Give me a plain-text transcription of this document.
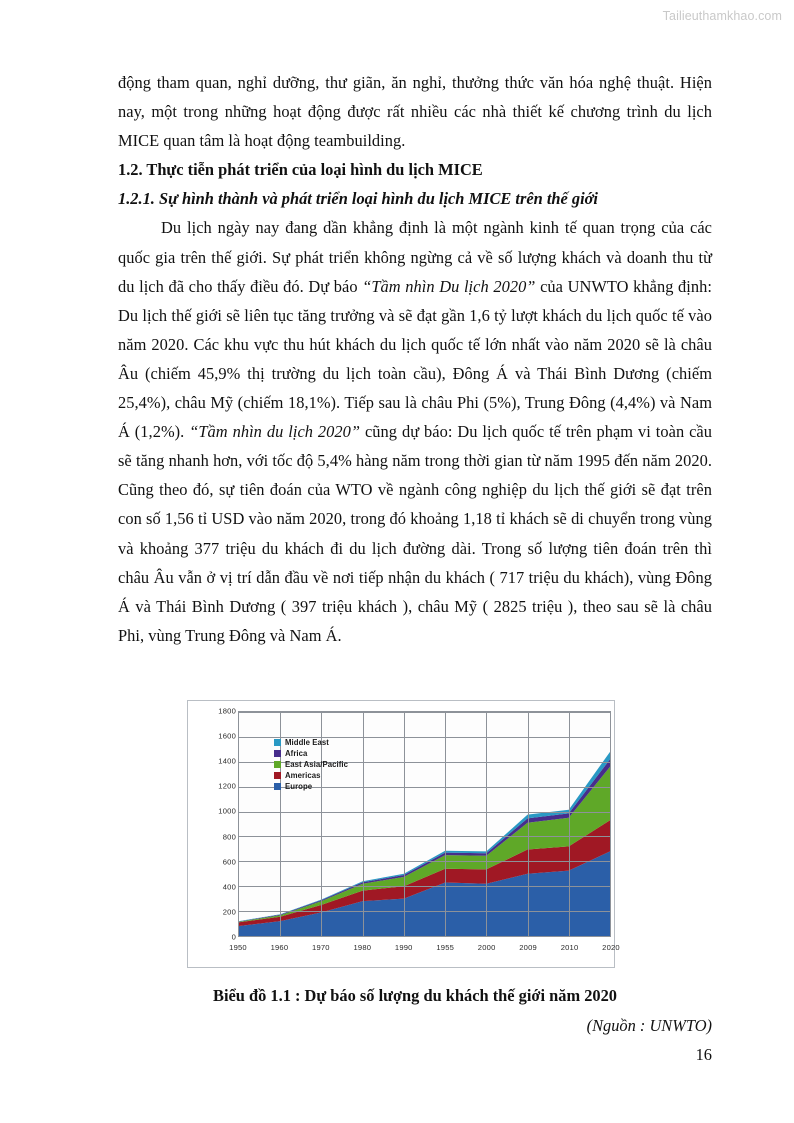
Tailieuthamkhao.com

động tham quan, nghỉ dưỡng, thư giãn, ăn nghỉ, thưởng thức văn hóa nghệ thuật. Hiện nay, một trong những hoạt động được rất nhiều các nhà thiết kế chương trình du lịch MICE quan tâm là hoạt động teambuilding.

1.2. Thực tiễn phát triển của loại hình du lịch MICE

1.2.1. Sự hình thành và phát triển loại hình du lịch MICE trên thế giới

Du lịch ngày nay đang dần khẳng định là một ngành kinh tế quan trọng của các quốc gia trên thế giới. Sự phát triển không ngừng cả về số lượng khách và doanh thu từ du lịch đã cho thấy điều đó. Dự báo “Tầm nhìn Du lịch 2020” của UNWTO khẳng định: Du lịch thế giới sẽ liên tục tăng trưởng và sẽ đạt gần 1,6 tỷ lượt khách du lịch quốc tế vào năm 2020. Các khu vực thu hút khách du lịch quốc tế lớn nhất vào năm 2020 sẽ là châu Âu (chiếm 45,9% thị trường du lịch toàn cầu), Đông Á và Thái Bình Dương (chiếm 25,4%), châu Mỹ (chiếm 18,1%). Tiếp sau là châu Phi (5%), Trung Đông (4,4%) và Nam Á (1,2%). “Tầm nhìn du lịch 2020” cũng dự báo: Du lịch quốc tế trên phạm vi toàn cầu sẽ tăng nhanh hơn, với tốc độ 5,4% hàng năm trong thời gian từ năm 1995 đến năm 2020. Cũng theo đó, sự tiên đoán của WTO về ngành công nghiệp du lịch thế giới sẽ đạt trên con số 1,56 tỉ USD vào năm 2020, trong đó khoảng 1,18 tỉ khách sẽ di chuyển trong vùng và khoảng 377 triệu du khách đi du lịch đường dài. Trong số lượng tiên đoán trên thì châu Âu vẫn ở vị trí dẫn đầu về nơi tiếp nhận du khách ( 717 triệu du khách), vùng Đông Á và Thái Bình Dương ( 397 triệu khách ), châu Mỹ ( 2825 triệu ), theo sau sẽ là châu Phi, vùng Trung Đông và Nam Á.

0
200
400
600
800
1000
1200
1400
1600
1800
Middle East
Africa
East Asia/Pacific
Americas
Europe
1950	1960	1970	1980	1990	1955	2000	2009	2010	2020
Biểu đồ 1.1 : Dự báo số lượng du khách thế giới năm 2020
(Nguồn : UNWTO)
16
